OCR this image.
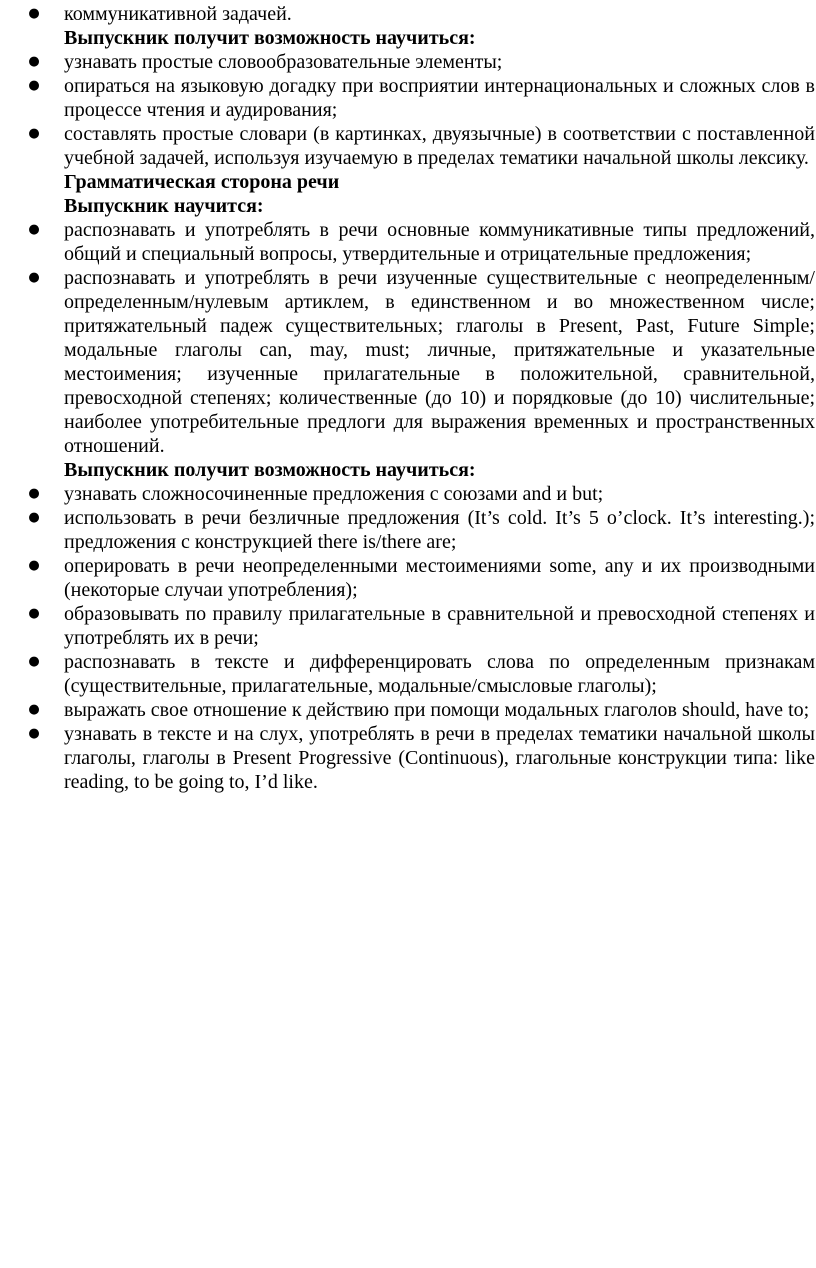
● коммуникативной задачей.
Выпускник получит возможность научиться:
● узнавать простые словообразовательные элементы;
● опираться на языковую догадку при восприятии интернациональных и сложных слов в процессе чтения и аудирования;
● составлять простые словари (в картинках, двуязычные) в соответствии с поставленной учебной задачей, используя изучаемую в пределах тематики начальной школы лексику.
Грамматическая сторона речи
Выпускник научится:
● распознавать и употреблять в речи основные коммуникативные типы предложений, общий и специальный вопросы, утвердительные и отрицательные предложения;
● распознавать и употреблять в речи изученные существительные с неопределенным/определенным/нулевым артиклем, в единственном и во множественном числе; притяжательный падеж существительных; глаголы в Present, Past, Future Simple; модальные глаголы can, may, must; личные, притяжательные и указательные местоимения; изученные прилагательные в положительной, сравнительной, превосходной степенях; количественные (до 10) и порядковые (до 10) числительные; наиболее употребительные предлоги для выражения временных и пространственных отношений.
Выпускник получит возможность научиться:
● узнавать сложносочиненные предложения с союзами and и but;
● использовать в речи безличные предложения (It’s cold. It’s 5 o’clock. It’s interesting.); предложения с конструкцией there is/there are;
● оперировать в речи неопределенными местоимениями some, any и их производными (некоторые случаи употребления);
● образовывать по правилу прилагательные в сравнительной и превосходной степенях и употреблять их в речи;
● распознавать в тексте и дифференцировать слова по определенным признакам (существительные, прилагательные, модальные/смысловые глаголы);
● выражать свое отношение к действию при помощи модальных глаголов should, have to;
● узнавать в тексте и на слух, употреблять в речи в пределах тематики начальной школы глаголы, глаголы в Present Progressive (Continuous), глагольные конструкции типа: like reading, to be going to, I’d like.
